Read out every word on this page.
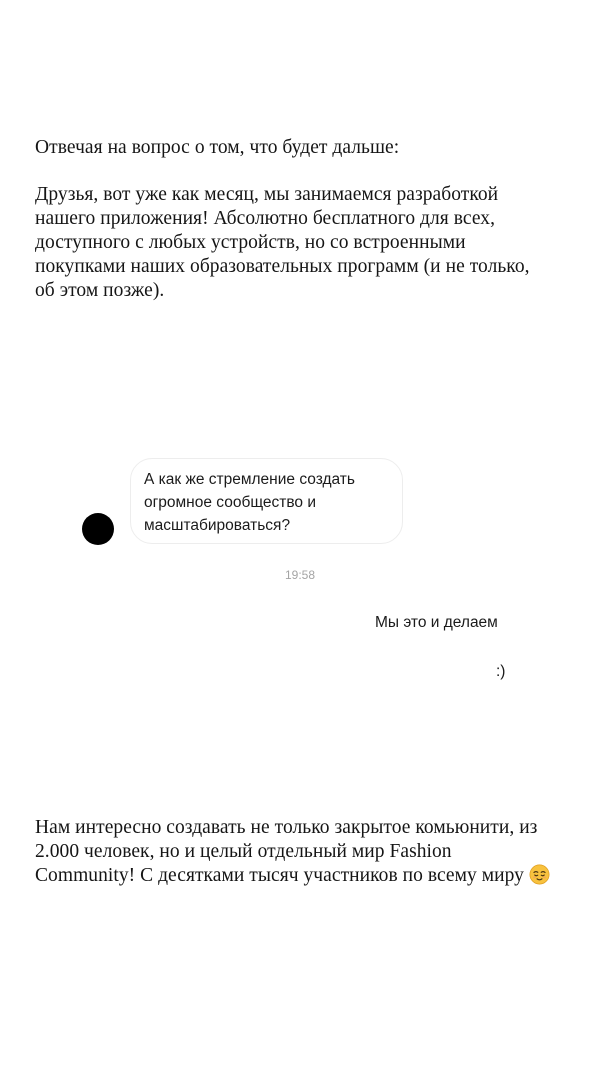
Отвечая на вопрос о том, что будет дальше:
Друзья, вот уже как месяц, мы занимаемся разработкой
нашего приложения! Абсолютно бесплатного для всех,
доступного с любых устройств, но со встроенными
покупками наших образовательных программ (и не только,
об этом позже).
А как же стремление создать
огромное сообщество и
масштабироваться?
19:58
Мы это и делаем
:)
Нам интересно создавать не только закрытое комьюнити, из
2.000 человек, но и целый отдельный мир Fashion
Community! С десятками тысяч участников по всему миру
